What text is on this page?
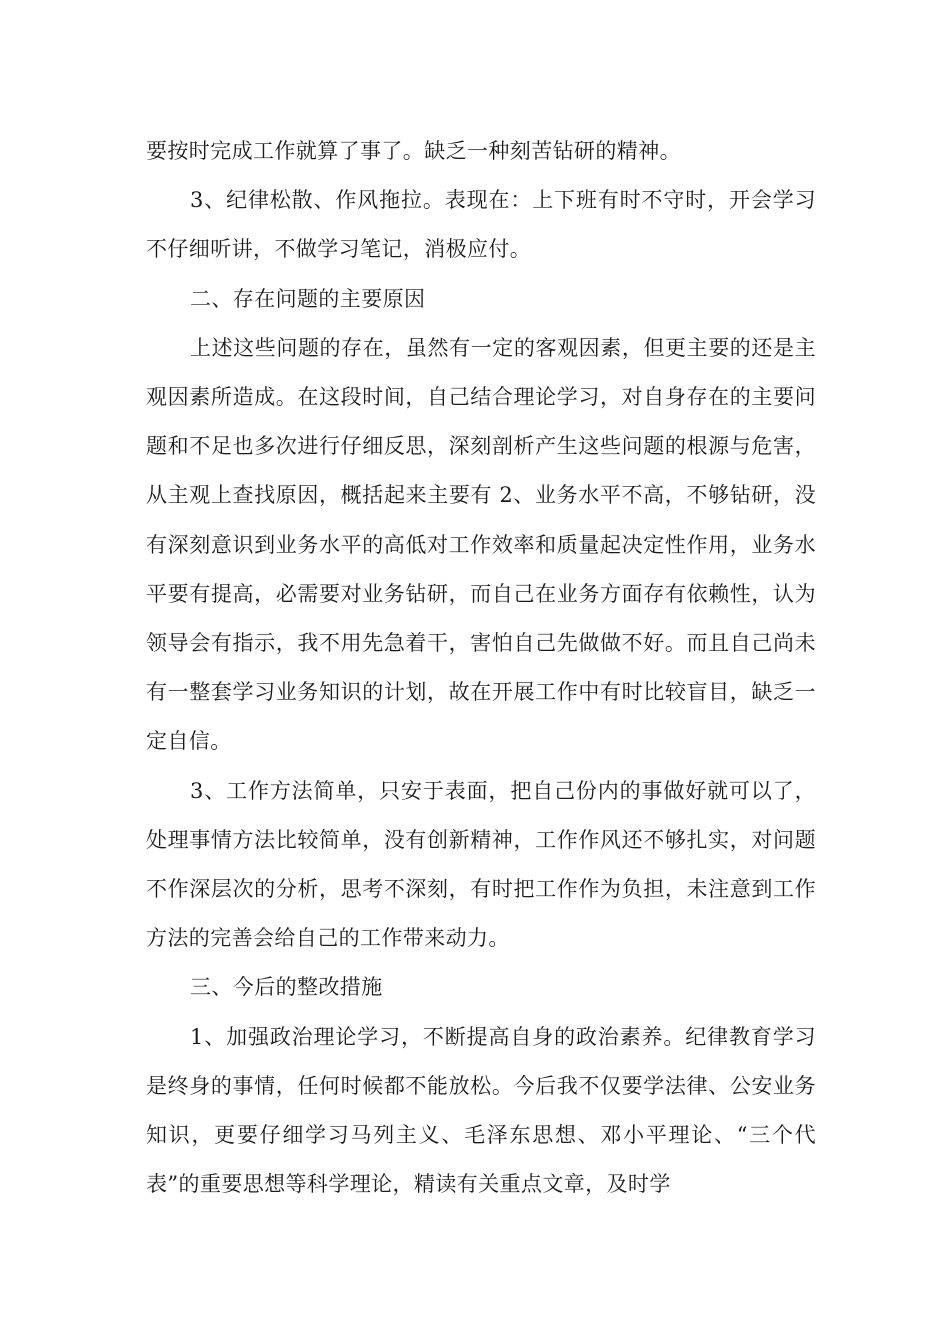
要按时完成工作就算了事了。缺乏一种刻苦钻研的精神。

3、纪律松散、作风拖拉。表现在：上下班有时不守时，开会学习不仔细听讲，不做学习笔记，消极应付。

二、存在问题的主要原因

上述这些问题的存在，虽然有一定的客观因素，但更主要的还是主观因素所造成。在这段时间，自己结合理论学习，对自身存在的主要问题和不足也多次进行仔细反思，深刻剖析产生这些问题的根源与危害，从主观上查找原因，概括起来主要有 2、业务水平不高，不够钻研，没有深刻意识到业务水平的高低对工作效率和质量起决定性作用，业务水平要有提高，必需要对业务钻研，而自己在业务方面存有依赖性，认为领导会有指示，我不用先急着干，害怕自己先做做不好。而且自己尚未有一整套学习业务知识的计划，故在开展工作中有时比较盲目，缺乏一定自信。

3、工作方法简单，只安于表面，把自己份内的事做好就可以了，处理事情方法比较简单，没有创新精神，工作作风还不够扎实，对问题不作深层次的分析，思考不深刻，有时把工作作为负担，未注意到工作方法的完善会给自己的工作带来动力。

三、今后的整改措施

1、加强政治理论学习，不断提高自身的政治素养。纪律教育学习是终身的事情，任何时候都不能放松。今后我不仅要学法律、公安业务知识，更要仔细学习马列主义、毛泽东思想、邓小平理论、“三个代表”的重要思想等科学理论，精读有关重点文章，及时学
